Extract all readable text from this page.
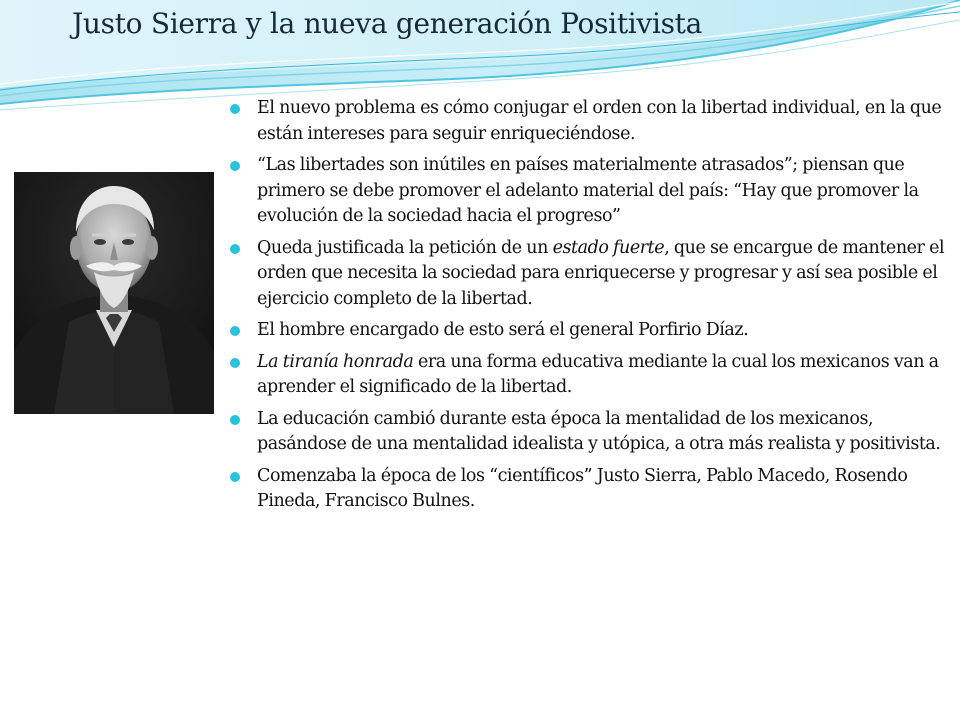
Justo Sierra y la nueva generación Positivista
El nuevo problema es cómo conjugar el orden con la libertad individual, en la que están intereses para seguir enriqueciéndose.
“Las libertades son inútiles en países materialmente atrasados”; piensan que primero se debe promover el adelanto material del país: “Hay que promover la evolución de la sociedad hacia el progreso”
Queda justificada la petición de un estado fuerte, que se encargue de mantener el orden que necesita la sociedad para enriquecerse y progresar y así sea posible el ejercicio completo de la libertad.
El hombre encargado de esto será el general Porfirio Díaz.
La tiranía honrada era una forma educativa mediante la cual los mexicanos van a aprender el significado de la libertad.
La educación cambió durante esta época la mentalidad de los mexicanos, pasándose de una mentalidad idealista y utópica, a otra más realista y positivista.
Comenzaba la época de los “científicos” Justo Sierra, Pablo Macedo, Rosendo Pineda, Francisco Bulnes.
